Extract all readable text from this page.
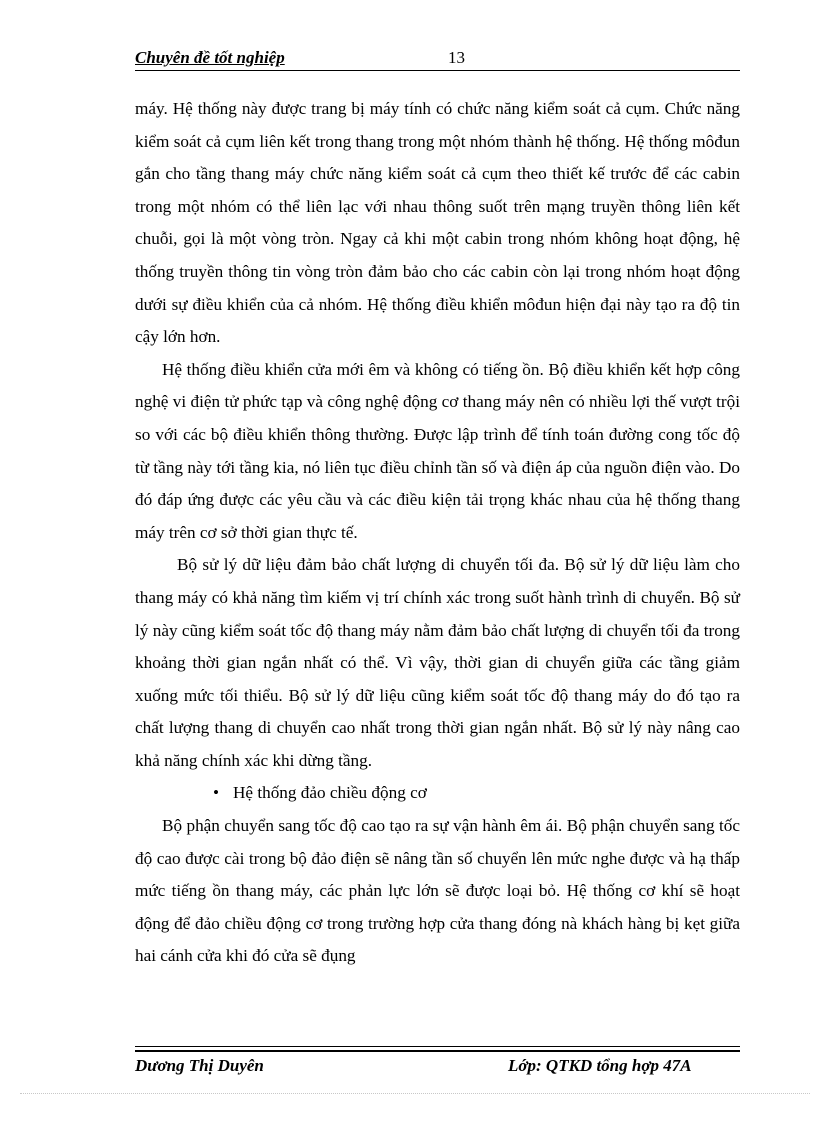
Chuyên đề tốt nghiệp	13

máy. Hệ thống này được trang bị máy tính có chức năng kiểm soát cả cụm. Chức năng kiểm soát cả cụm liên kết trong thang trong một nhóm thành hệ thống. Hệ thống môđun gắn cho tầng thang máy chức năng kiểm soát cả cụm theo thiết kế trước để các cabin trong một nhóm có thể liên lạc với nhau thông suốt trên mạng truyền thông liên kết chuỗi, gọi là một vòng tròn. Ngay cả khi một cabin trong nhóm không hoạt động, hệ thống truyền thông tin vòng tròn đảm bảo cho các cabin còn lại trong nhóm hoạt động dưới sự điều khiển của cả nhóm. Hệ thống điều khiển môđun hiện đại này tạo ra độ tin cậy lớn hơn.

Hệ thống điều khiển cửa mới êm và không có tiếng ồn. Bộ điều khiển kết hợp công nghệ vi điện tử phức tạp và công nghệ động cơ thang máy nên có nhiều lợi thế vượt trội so với các bộ điều khiển thông thường. Được lập trình để tính toán đường cong tốc độ từ tầng này tới tầng kia, nó liên tục điều chỉnh tần số và điện áp của nguồn điện vào. Do đó đáp ứng được các yêu cầu và các điều kiện tải trọng khác nhau của hệ thống thang máy trên cơ sở thời gian thực tế.

Bộ sử lý dữ liệu đảm bảo chất lượng di chuyển tối đa. Bộ sử lý dữ liệu làm cho thang máy có khả năng tìm kiếm vị trí chính xác trong suốt hành trình di chuyển. Bộ sử lý này cũng kiểm soát tốc độ thang máy nằm đảm bảo chất lượng di chuyển tối đa trong khoảng thời gian ngắn nhất có thể. Vì vậy, thời gian di chuyển giữa các tầng giảm xuống mức tối thiểu. Bộ sử lý dữ liệu cũng kiểm soát tốc độ thang máy do đó tạo ra chất lượng thang di chuyển cao nhất trong thời gian ngắn nhất. Bộ sử lý này nâng cao khả năng chính xác khi dừng tầng.

• Hệ thống đảo chiều động cơ

Bộ phận chuyển sang tốc độ cao tạo ra sự vận hành êm ái. Bộ phận chuyển sang tốc độ cao được cài trong bộ đảo điện sẽ nâng tần số chuyển lên mức nghe được và hạ thấp mức tiếng ồn thang máy, các phản lực lớn sẽ được loại bỏ. Hệ thống cơ khí sẽ hoạt động để đảo chiều động cơ trong trường hợp cửa thang đóng nà khách hàng bị kẹt giữa hai cánh cửa khi đó cửa sẽ đụng

Dương Thị Duyên	Lớp: QTKD tổng hợp 47A
